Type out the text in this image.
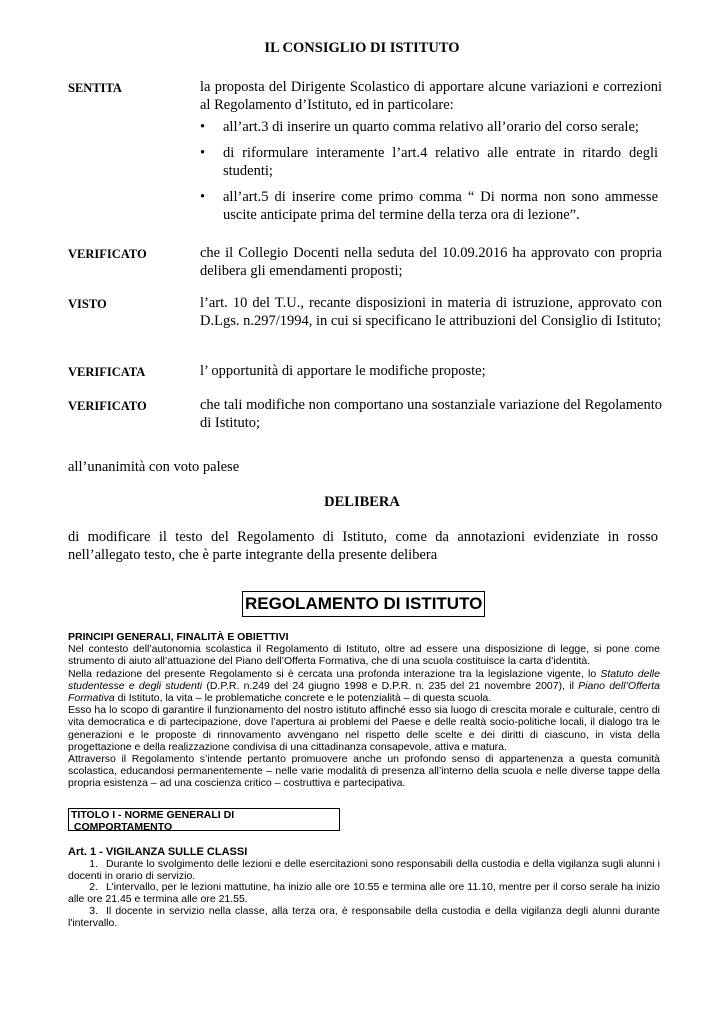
IL CONSIGLIO DI ISTITUTO
SENTITA	la proposta del Dirigente Scolastico di apportare alcune variazioni e correzioni al Regolamento d’Istituto, ed in particolare:
• all’art.3 di inserire un quarto comma relativo all’orario del corso serale;
• di riformulare interamente l’art.4 relativo alle entrate in ritardo degli studenti;
• all’art.5 di inserire come primo comma “ Di norma non sono ammesse uscite anticipate prima del termine della terza ora di lezione”.
VERIFICATO	che il Collegio Docenti nella seduta del 10.09.2016 ha approvato con propria delibera gli emendamenti proposti;
VISTO	l’art. 10 del T.U., recante disposizioni in materia di istruzione, approvato con D.Lgs. n.297/1994, in cui si specificano le attribuzioni del Consiglio di Istituto;
VERIFICATA	l’ opportunità di apportare le modifiche proposte;
VERIFICATO	che tali modifiche non comportano una sostanziale variazione del Regolamento di Istituto;
all’unanimità con voto palese
DELIBERA
di modificare il testo del Regolamento di Istituto, come da annotazioni evidenziate in rosso nell’allegato testo, che è parte integrante della presente delibera
REGOLAMENTO DI ISTITUTO
PRINCIPI GENERALI, FINALITÀ E OBIETTIVI

Nel contesto dell’autonomia scolastica il Regolamento di Istituto, oltre ad essere una disposizione di legge, si pone come strumento di aiuto all’attuazione del Piano dell’Offerta Formativa, che di una scuola costituisce la carta d’identità.

Nella redazione del presente Regolamento si è cercata una profonda interazione tra la legislazione vigente, lo Statuto delle studentesse e degli studenti (D.P.R. n.249 del 24 giugno 1998 e D.P.R. n. 235 del 21 novembre 2007), il Piano dell’Offerta Formativa di Istituto, la vita – le problematiche concrete e le potenzialità – di questa scuola.

Esso ha lo scopo di garantire il funzionamento del nostro istituto affinché esso sia luogo di crescita morale e culturale, centro di vita democratica e di partecipazione, dove l’apertura ai problemi del Paese e delle realtà socio-politiche locali, il dialogo tra le generazioni e le proposte di rinnovamento avvengano nel rispetto delle scelte e dei diritti di ciascuno, in vista della progettazione e della realizzazione condivisa di una cittadinanza consapevole, attiva e matura.

Attraverso il Regolamento s’intende pertanto promuovere anche un profondo senso di appartenenza a questa comunità scolastica, educandosi permanentemente – nelle varie modalità di presenza all’interno della scuola e nelle diverse tappe della propria esistenza – ad una coscienza critico – costruttiva e partecipativa.

TITOLO I - NORME GENERALI DI
COMPORTAMENTO
Art. 1 - VIGILANZA SULLE CLASSI

1. Durante lo svolgimento delle lezioni e delle esercitazioni sono responsabili della custodia e della vigilanza sugli alunni i docenti in orario di servizio.

2. L’intervallo, per le lezioni mattutine, ha inizio alle ore 10.55 e termina alle ore 11.10, mentre per il corso serale ha inizio alle ore 21.45 e termina alle ore 21.55.

3. Il docente in servizio nella classe, alla terza ora, è responsabile della custodia e della vigilanza degli alunni durante l'intervallo.
